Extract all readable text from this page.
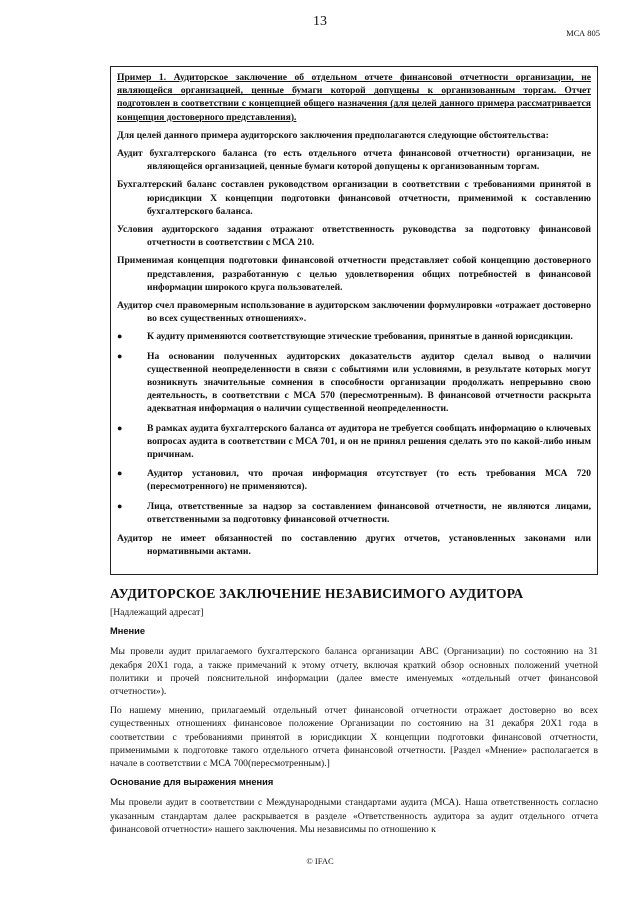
13
МСА 805

Пример 1. Аудиторское заключение об отдельном отчете финансовой отчетности организации, не являющейся организацией, ценные бумаги которой допущены к организованным торгам. Отчет подготовлен в соответствии с концепцией общего назначения (для целей данного примера рассматривается концепция достоверного представления).

Для целей данного примера аудиторского заключения предполагаются следующие обстоятельства:

Аудит бухгалтерского баланса (то есть отдельного отчета финансовой отчетности) организации, не являющейся организацией, ценные бумаги которой допущены к организованным торгам.

Бухгалтерский баланс составлен руководством организации в соответствии с требованиями принятой в юрисдикции X концепции подготовки финансовой отчетности, применимой к составлению бухгалтерского баланса.

Условия аудиторского задания отражают ответственность руководства за подготовку финансовой отчетности в соответствии с МСА 210.

Применимая концепция подготовки финансовой отчетности представляет собой концепцию достоверного представления, разработанную с целью удовлетворения общих потребностей в финансовой информации широкого круга пользователей.

Аудитор счел правомерным использование в аудиторском заключении формулировки «отражает достоверно во всех существенных отношениях».

●	К аудиту применяются соответствующие этические требования, принятые в данной юрисдикции.
●	На основании полученных аудиторских доказательств аудитор сделал вывод о наличии существенной неопределенности в связи с событиями или условиями, в результате которых могут возникнуть значительные сомнения в способности организации продолжать непрерывно свою деятельность, в соответствии с МСА 570 (пересмотренным). В финансовой отчетности раскрыта адекватная информация о наличии существенной неопределенности.
●	В рамках аудита бухгалтерского баланса от аудитора не требуется сообщать информацию о ключевых вопросах аудита в соответствии с МСА 701, и он не принял решения сделать это по какой-либо иным причинам.
●	Аудитор установил, что прочая информация отсутствует (то есть требования МСА 720 (пересмотренного) не применяются).
●	Лица, ответственные за надзор за составлением финансовой отчетности, не являются лицами, ответственными за подготовку финансовой отчетности.

Аудитор не имеет обязанностей по составлению других отчетов, установленных законами или нормативными актами.

АУДИТОРСКОЕ ЗАКЛЮЧЕНИЕ НЕЗАВИСИМОГО АУДИТОРА

[Надлежащий адресат]

Мнение

Мы провели аудит прилагаемого бухгалтерского баланса организации АВС (Организации) по состоянию на 31 декабря 20X1 года, а также примечаний к этому отчету, включая краткий обзор основных положений учетной политики и прочей пояснительной информации (далее вместе именуемых «отдельный отчет финансовой отчетности»).

По нашему мнению, прилагаемый отдельный отчет финансовой отчетности отражает достоверно во всех существенных отношениях финансовое положение Организации по состоянию на 31 декабря 20X1 года в соответствии с требованиями принятой в юрисдикции X концепции подготовки финансовой отчетности, применимыми к подготовке такого отдельного отчета финансовой отчетности. [Раздел «Мнение» располагается в начале в соответствии с МСА 700(пересмотренным).]

Основание для выражения мнения

Мы провели аудит в соответствии с Международными стандартами аудита (МСА). Наша ответственность согласно указанным стандартам далее раскрывается в разделе «Ответственность аудитора за аудит отдельного отчета финансовой отчетности» нашего заключения. Мы независимы по отношению к

© IFAC
